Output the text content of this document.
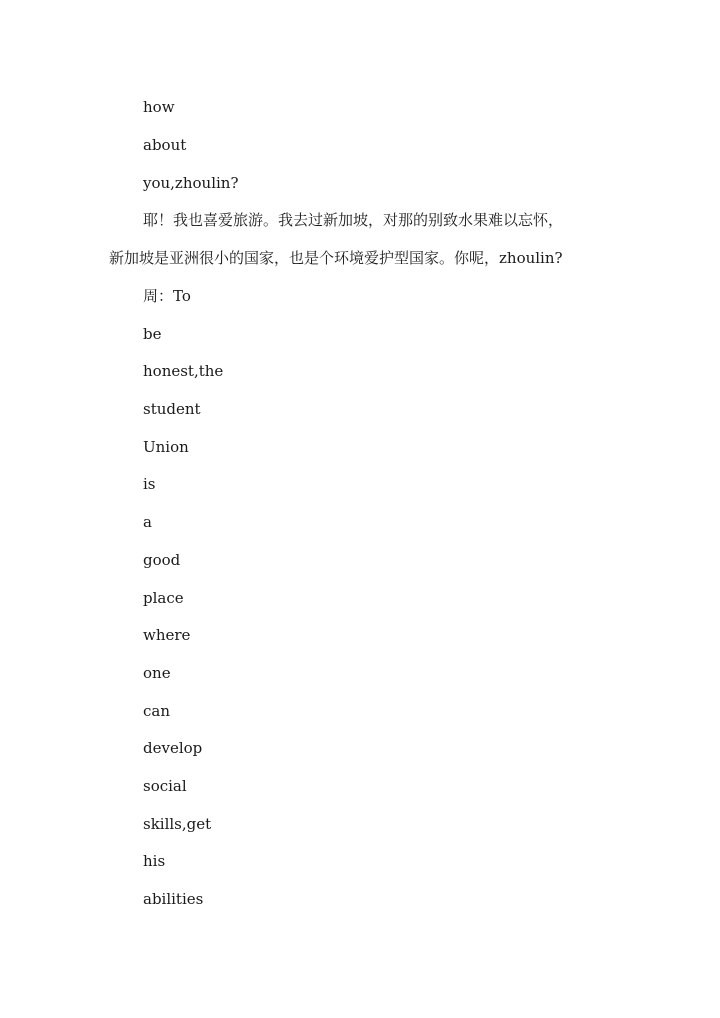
how
about
you,zhoulin?
耶！我也喜爱旅游。我去过新加坡，对那的别致水果难以忘怀，
新加坡是亚洲很小的国家，也是个环境爱护型国家。你呢，zhoulin?
周：To
be
honest,the
student
Union
is
a
good
place
where
one
can
develop
social
skills,get
his
abilities
